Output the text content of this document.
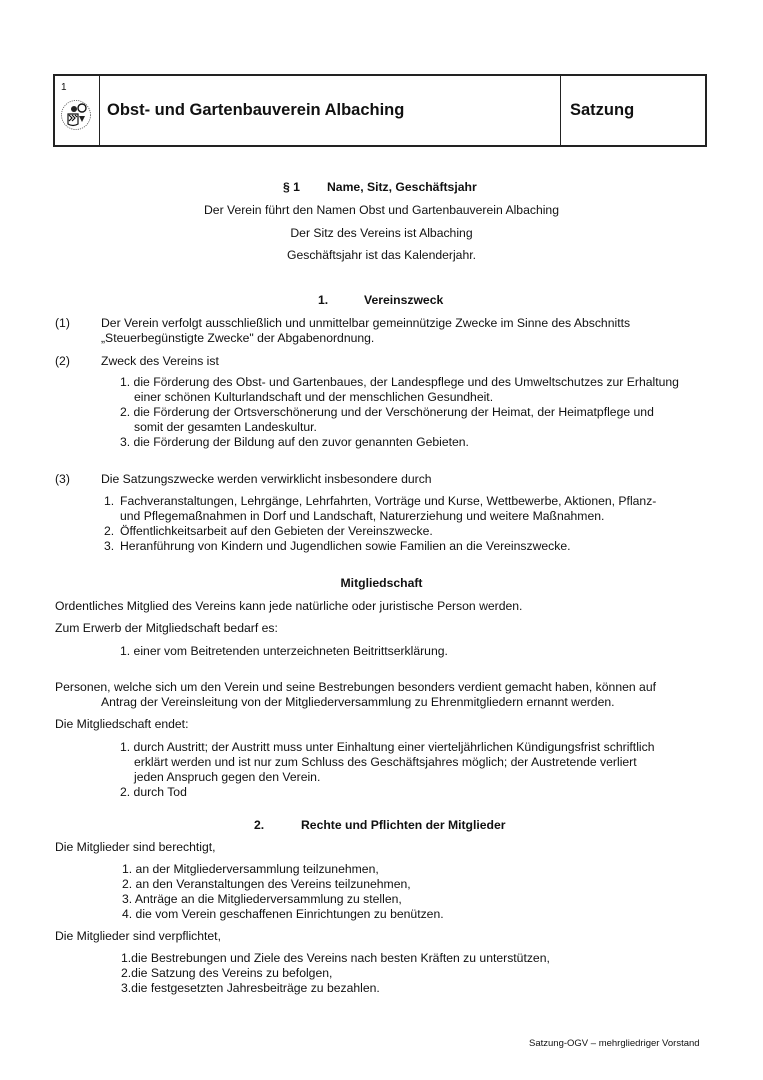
1
Obst- und Gartenbauverein Albaching	Satzung
§ 1 Name, Sitz, Geschäftsjahr
Der Verein führt den Namen Obst und Gartenbauverein Albaching
Der Sitz des Vereins ist Albaching
Geschäftsjahr ist das Kalenderjahr.
1.	Vereinszweck
(1)	Der Verein verfolgt ausschließlich und unmittelbar gemeinnützige Zwecke im Sinne des Abschnitts
„Steuerbegünstigte Zwecke" der Abgabenordnung.
(2)	Zweck des Vereins ist
1. die Förderung des Obst- und Gartenbaues, der Landespflege und des Umweltschutzes zur Erhaltung
einer schönen Kulturlandschaft und der menschlichen Gesundheit.
2. die Förderung der Ortsverschönerung und der Verschönerung der Heimat, der Heimatpflege und
somit der gesamten Landeskultur.
3. die Förderung der Bildung auf den zuvor genannten Gebieten.
(3)	Die Satzungszwecke werden verwirklicht insbesondere durch
1. Fachveranstaltungen, Lehrgänge, Lehrfahrten, Vorträge und Kurse, Wettbewerbe, Aktionen, Pflanz-
und Pflegemaßnahmen in Dorf und Landschaft, Naturerziehung und weitere Maßnahmen.
2. Öffentlichkeitsarbeit auf den Gebieten der Vereinszwecke.
3. Heranführung von Kindern und Jugendlichen sowie Familien an die Vereinszwecke.
Mitgliedschaft
Ordentliches Mitglied des Vereins kann jede natürliche oder juristische Person werden.
Zum Erwerb der Mitgliedschaft bedarf es:
1. einer vom Beitretenden unterzeichneten Beitrittserklärung.
Personen, welche sich um den Verein und seine Bestrebungen besonders verdient gemacht haben, können auf
Antrag der Vereinsleitung von der Mitgliederversammlung zu Ehrenmitgliedern ernannt werden.
Die Mitgliedschaft endet:
1. durch Austritt; der Austritt muss unter Einhaltung einer vierteljährlichen Kündigungsfrist schriftlich
erklärt werden und ist nur zum Schluss des Geschäftsjahres möglich; der Austretende verliert
jeden Anspruch gegen den Verein.
2. durch Tod
2.	Rechte und Pflichten der Mitglieder
Die Mitglieder sind berechtigt,
1. an der Mitgliederversammlung teilzunehmen,
2. an den Veranstaltungen des Vereins teilzunehmen,
3. Anträge an die Mitgliederversammlung zu stellen,
4. die vom Verein geschaffenen Einrichtungen zu benützen.
Die Mitglieder sind verpflichtet,
1.die Bestrebungen und Ziele des Vereins nach besten Kräften zu unterstützen,
2.die Satzung des Vereins zu befolgen,
3.die festgesetzten Jahresbeiträge zu bezahlen.
Satzung-OGV – mehrgliedriger Vorstand
